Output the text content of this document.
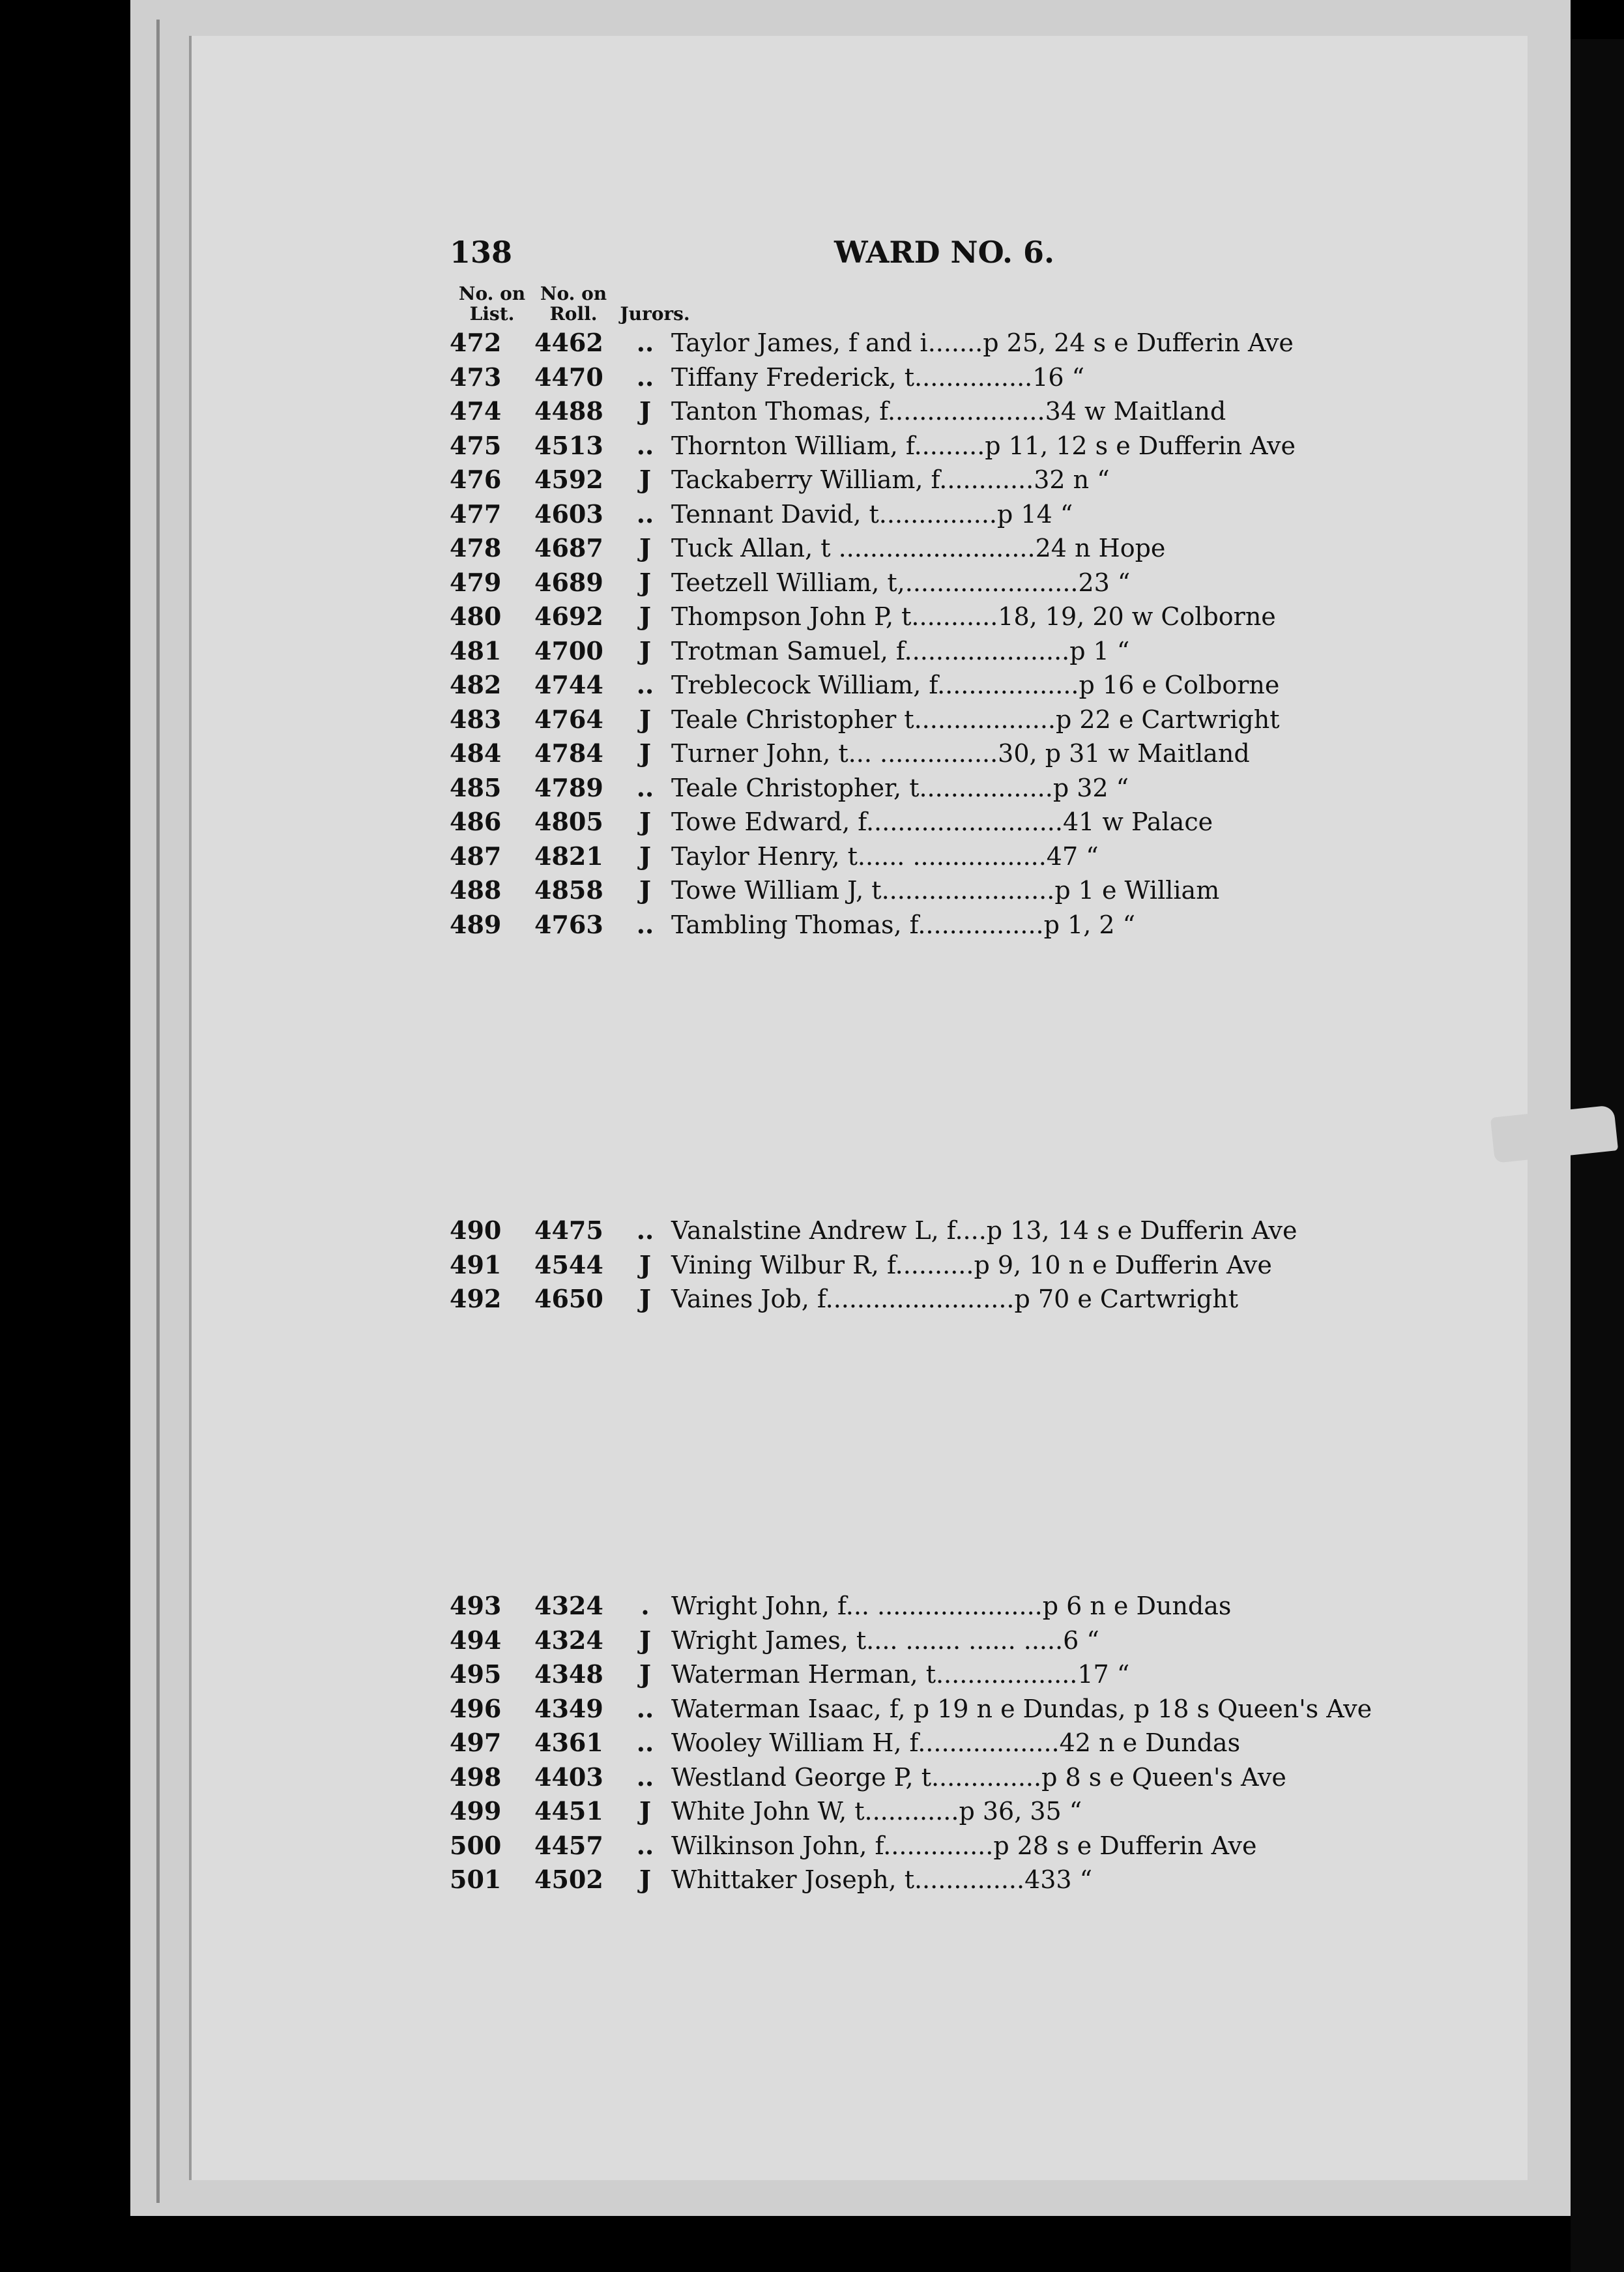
138	WARD NO. 6.
No. on List.
No. on Roll.	Jurors.
472	4462	.. Taylor James, f and i.......p 25, 24 s e Dufferin Ave
473	4470	.. Tiffany Frederick, t...............16 “
474	4488	J Tanton Thomas, f....................34 w Maitland
475	4513	.. Thornton William, f.........p 11, 12 s e Dufferin Ave
476	4592	J Tackaberry William, f............32 n “
477	4603	.. Tennant David, t...............p 14 “
478	4687	J Tuck Allan, t .........................24 n Hope
479	4689	J Teetzell William, t,......................23 “
480	4692	J Thompson John P, t...........18, 19, 20 w Colborne
481	4700	J Trotman Samuel, f.....................p 1 “
482	4744	.. Treblecock William, f..................p 16 e Colborne
483	4764	J Teale Christopher t..................p 22 e Cartwright
484	4784	J Turner John, t... ...............30, p 31 w Maitland
485	4789	.. Teale Christopher, t.................p 32 “
486	4805	J Towe Edward, f.........................41 w Palace
487	4821	J Taylor Henry, t...... .................47 “
488	4858	J Towe William J, t......................p 1 e William
489	4763	.. Tambling Thomas, f................p 1, 2 “
490	4475	.. Vanalstine Andrew L, f....p 13, 14 s e Dufferin Ave
491	4544	J Vining Wilbur R, f..........p 9, 10 n e Dufferin Ave
492	4650	J Vaines Job, f........................p 70 e Cartwright
493	4324	. Wright John, f... .....................p 6 n e Dundas
494	4324	J Wright James, t.... ....... ...... .....6 “
495	4348	J Waterman Herman, t..................17 “
496	4349	.. Waterman Isaac, f, p 19 n e Dundas, p 18 s Queen's Ave
497	4361	.. Wooley William H, f..................42 n e Dundas
498	4403	.. Westland George P, t..............p 8 s e Queen's Ave
499	4451	J White John W, t............p 36, 35 “
500	4457	.. Wilkinson John, f..............p 28 s e Dufferin Ave
501	4502	J Whittaker Joseph, t..............433 “
